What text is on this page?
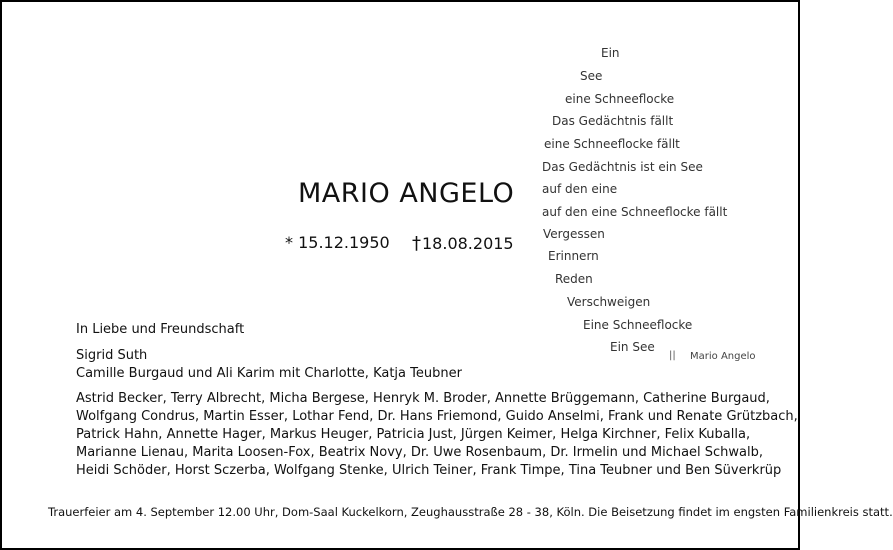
MARIO ANGELO
* 15.12.1950 †18.08.2015
Ein
See
eine Schneeflocke
Das Gedächtnis fällt
eine Schneeflocke fällt
Das Gedächtnis ist ein See
auf den eine
auf den eine Schneeflocke fällt
Vergessen
Erinnern
Reden
Verschweigen
Eine Schneeflocke
Ein See
|| Mario Angelo
In Liebe und Freundschaft
Sigrid Suth
Camille Burgaud und Ali Karim mit Charlotte, Katja Teubner
Astrid Becker, Terry Albrecht, Micha Bergese, Henryk M. Broder, Annette Brüggemann, Catherine Burgaud,
Wolfgang Condrus, Martin Esser, Lothar Fend, Dr. Hans Friemond, Guido Anselmi, Frank und Renate Grützbach,
Patrick Hahn, Annette Hager, Markus Heuger, Patricia Just, Jürgen Keimer, Helga Kirchner, Felix Kuballa,
Marianne Lienau, Marita Loosen-Fox, Beatrix Novy, Dr. Uwe Rosenbaum, Dr. Irmelin und Michael Schwalb,
Heidi Schöder, Horst Sczerba, Wolfgang Stenke, Ulrich Teiner, Frank Timpe, Tina Teubner und Ben Süverkrüp
Trauerfeier am 4. September 12.00 Uhr, Dom-Saal Kuckelkorn, Zeughausstraße 28 - 38, Köln. Die Beisetzung findet im engsten Familienkreis statt.
